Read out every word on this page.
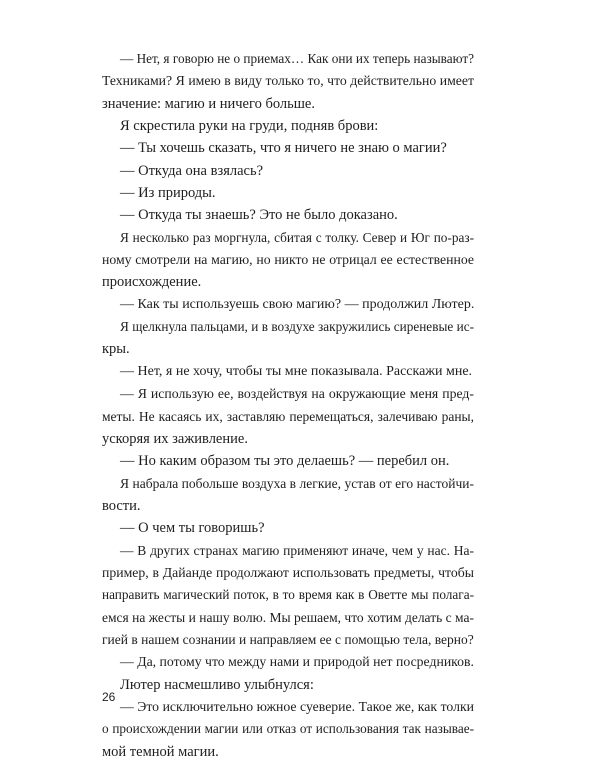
— Нет, я говорю не о приемах… Как они их теперь называют?
Техниками? Я имею в виду только то, что действительно имеет
значение: магию и ничего больше.
Я скрестила руки на груди, подняв брови:
— Ты хочешь сказать, что я ничего не знаю о магии?
— Откуда она взялась?
— Из природы.
— Откуда ты знаешь? Это не было доказано.
Я несколько раз моргнула, сбитая с толку. Север и Юг по-раз-
ному смотрели на магию, но никто не отрицал ее естественное
происхождение.
— Как ты используешь свою магию? — продолжил Лютер.
Я щелкнула пальцами, и в воздухе закружились сиреневые ис-
кры.
— Нет, я не хочу, чтобы ты мне показывала. Расскажи мне.
— Я использую ее, воздействуя на окружающие меня пред-
меты. Не касаясь их, заставляю перемещаться, залечиваю раны,
ускоряя их заживление.
— Но каким образом ты это делаешь? — перебил он.
Я набрала побольше воздуха в легкие, устав от его настойчи-
вости.
— О чем ты говоришь?
— В других странах магию применяют иначе, чем у нас. На-
пример, в Дайанде продолжают использовать предметы, чтобы
направить магический поток, в то время как в Оветте мы полага-
емся на жесты и нашу волю. Мы решаем, что хотим делать с ма-
гией в нашем сознании и направляем ее с помощью тела, верно?
— Да, потому что между нами и природой нет посредников.
Лютер насмешливо улыбнулся:
— Это исключительно южное суеверие. Такое же, как толки
о происхождении магии или отказ от использования так называе-
мой темной магии.
26
